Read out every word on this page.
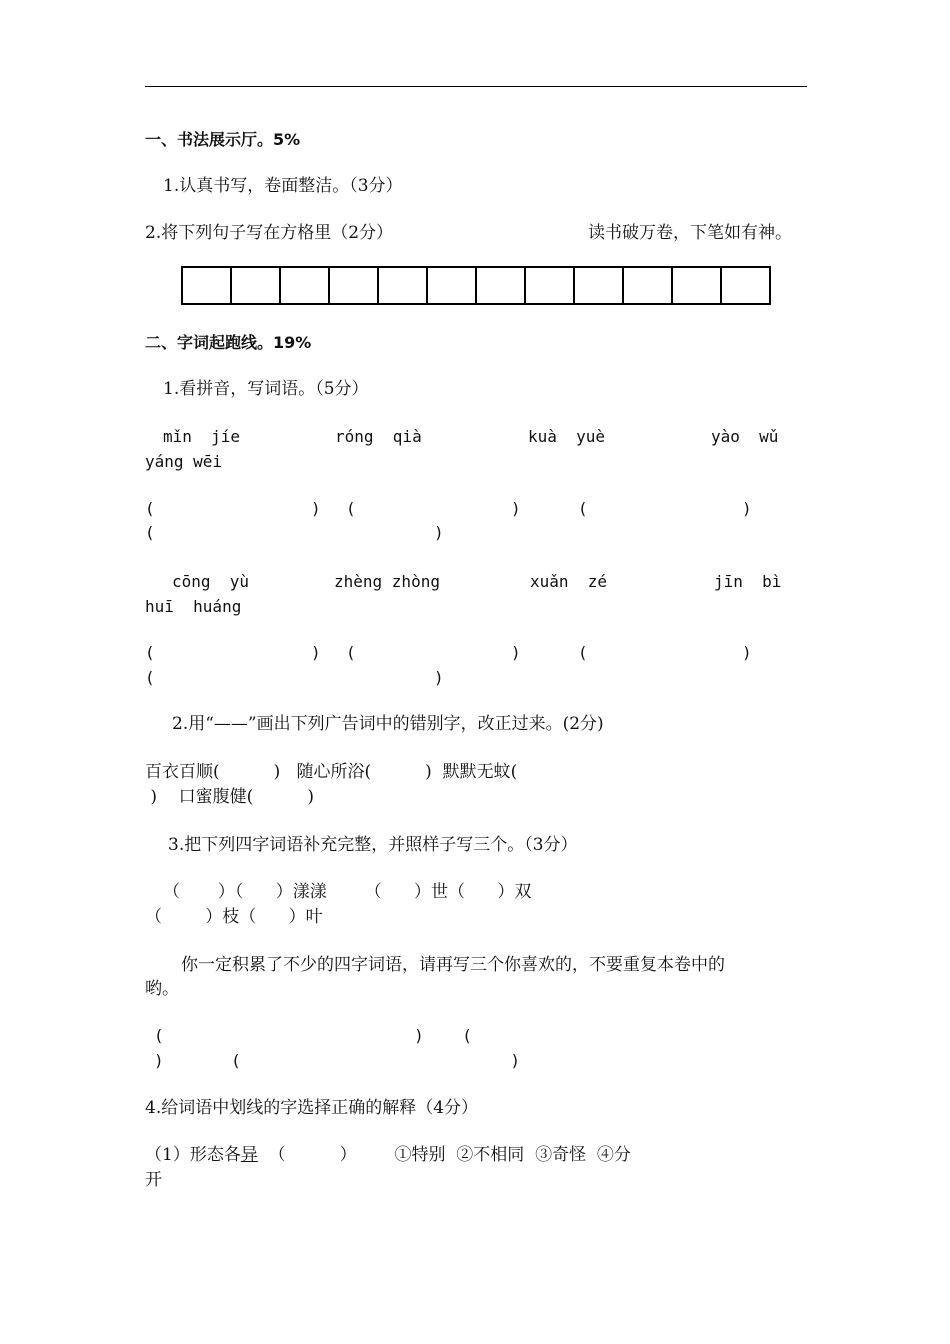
一、书法展示厅。5%
1.认真书写，卷面整洁。（3分）
2.将下列句子写在方格里（2分）	读书破万卷，下笔如有神。
二、字词起跑线。19%
1.看拼音，写词语。（5分）
mǐn  jíe	róng  qià	kuà  yuè	yào  wǔ
yáng wēi
(	) (	)	(	)
(	)
cōng  yù	zhèng zhòng	xuǎn  zé	jīn  bì
huī  huáng
(	) (	)	(	)
(	)
2.用“——”画出下列广告词中的错别字，改正过来。(2分)
百衣百顺(          )   随心所浴(          )  默默无蚊(
)    口蜜腹健(          )
3.把下列四字词语补充完整，并照样子写三个。（3分）
（       ）（      ）漾漾       （      ）世（      ）双
（        ）枝（      ）叶
你一定积累了不少的四字词语，请再写三个你喜欢的，不要重复本卷中的
哟。
(                          )    (
)       (                            )
4.给词语中划线的字选择正确的解释（4分）
（1）形态各异  （          ）       ①特别  ②不相同  ③奇怪  ④分
开
